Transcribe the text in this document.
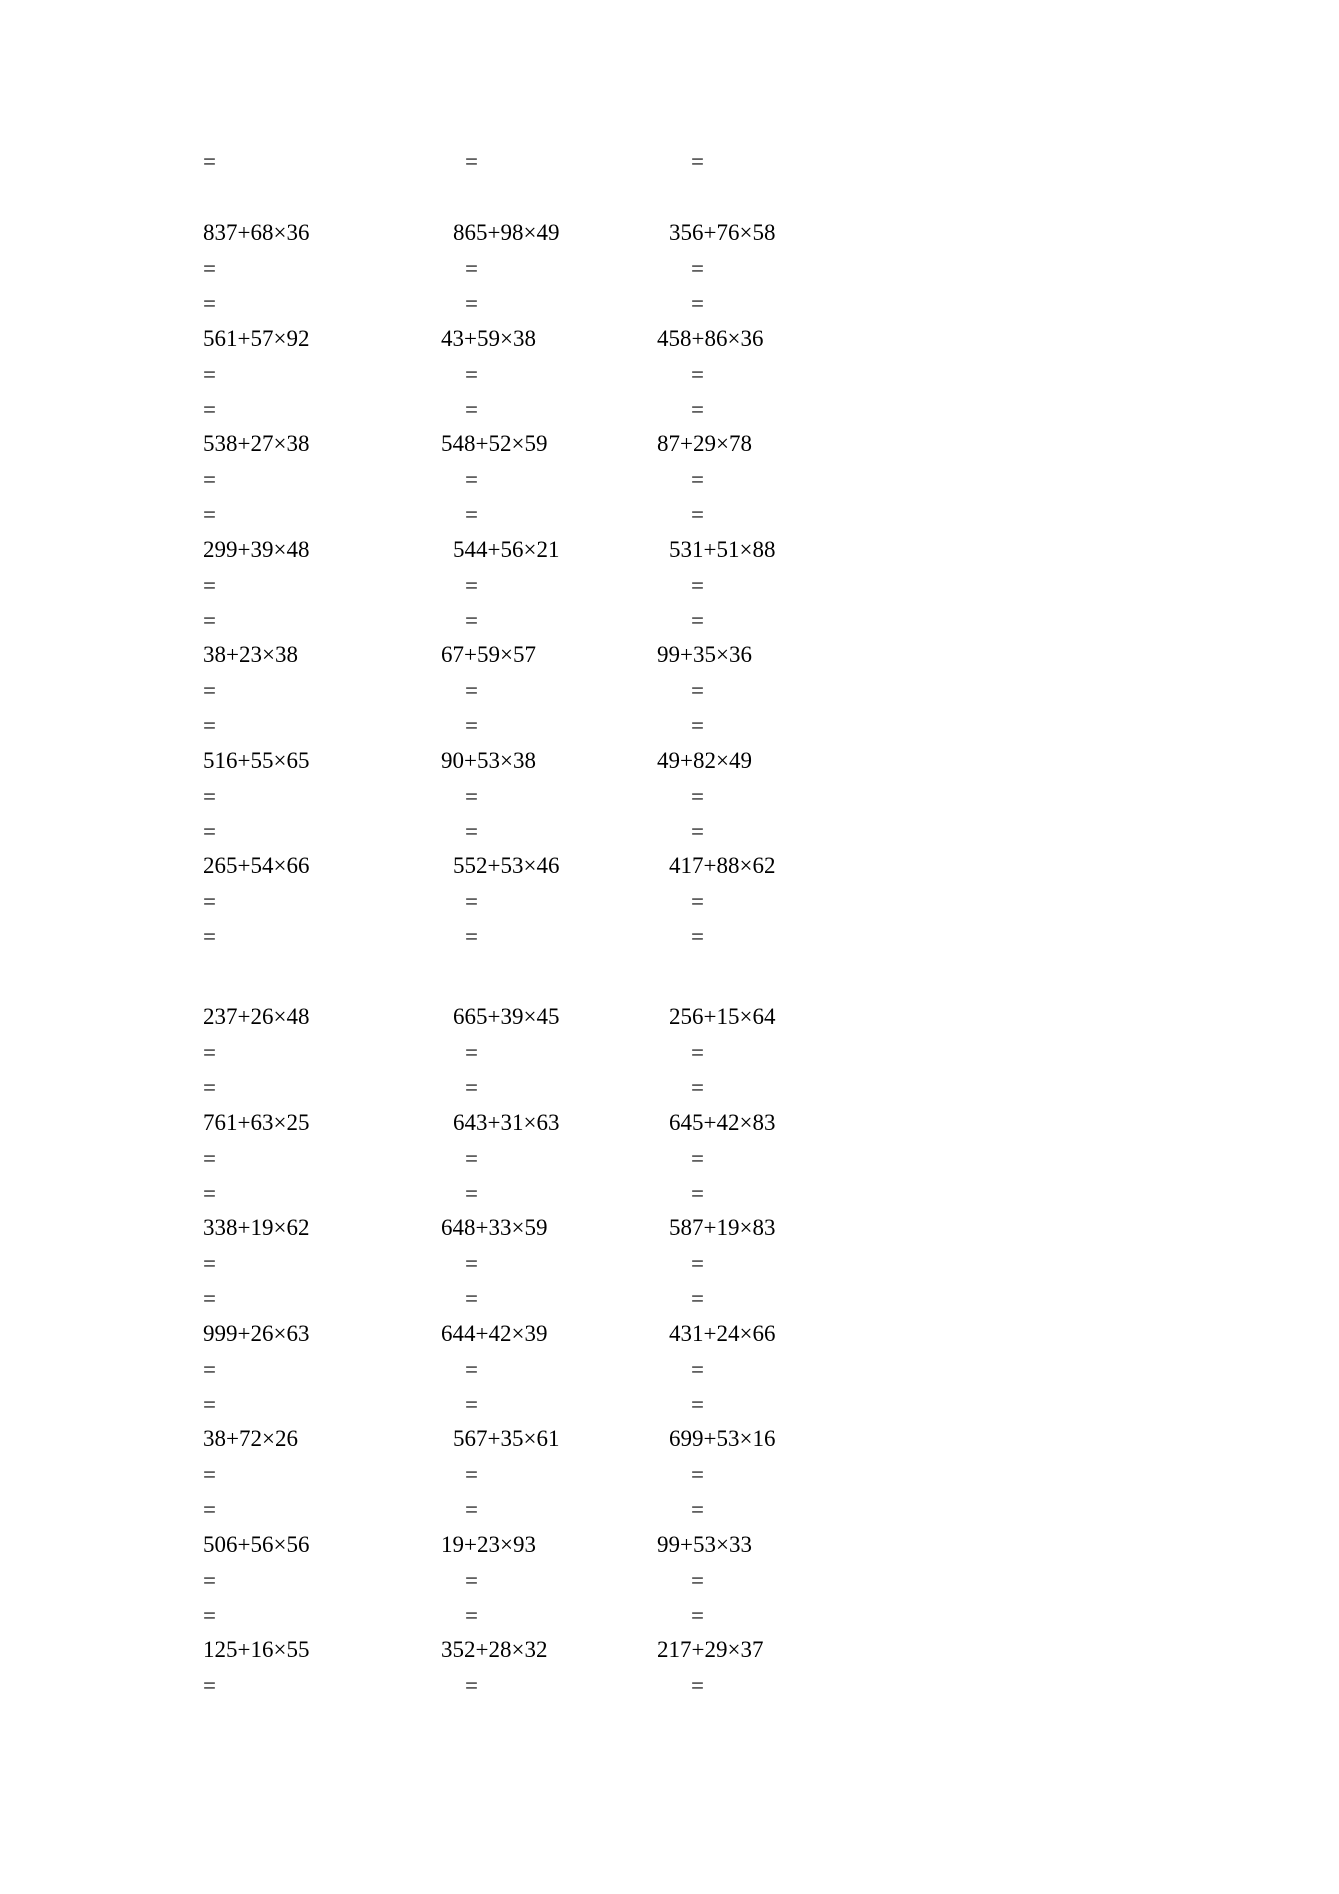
=	=	=
837+68×36
=
=
865+98×49
=
=
356+76×58
=
=
561+57×92
=
=
43+59×38
=
=
458+86×36
=
=
538+27×38
=
=
548+52×59
=
=
87+29×78
=
=
299+39×48
=
=
544+56×21
=
=
531+51×88
=
=
38+23×38
=
=
67+59×57
=
=
99+35×36
=
=
516+55×65
=
=
90+53×38
=
=
49+82×49
=
=
265+54×66
=
=
552+53×46
=
=
417+88×62
=
=
237+26×48
=
=
665+39×45
=
=
256+15×64
=
=
761+63×25
=
=
643+31×63
=
=
645+42×83
=
=
338+19×62
=
=
648+33×59
=
=
587+19×83
=
=
999+26×63
=
=
644+42×39
=
=
431+24×66
=
=
38+72×26
=
=
567+35×61
=
=
699+53×16
=
=
506+56×56
=
=
19+23×93
=
=
99+53×33
=
=
125+16×55
=
352+28×32
=
217+29×37
=
